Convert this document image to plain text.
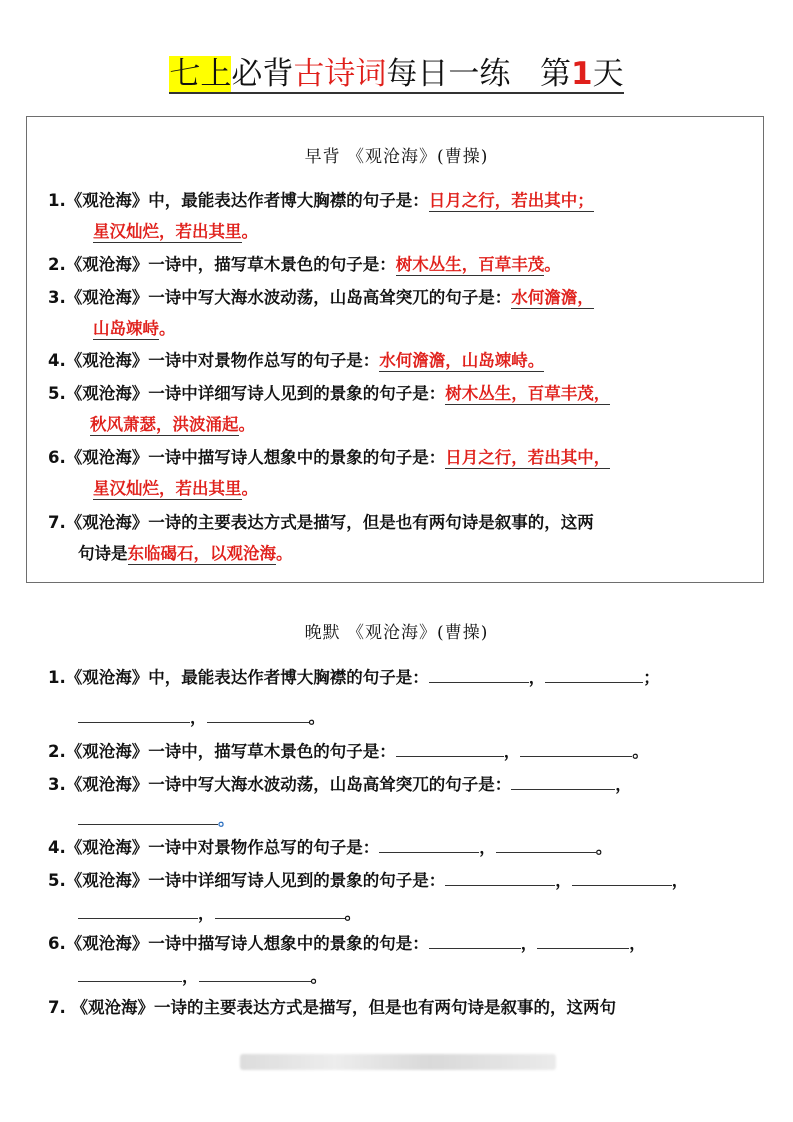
七上必背古诗词每日一练 第1天
早背 《观沧海》(曹操)
1.《观沧海》中，最能表达作者博大胸襟的句子是：日月之行，若出其中；
星汉灿烂，若出其里。
2.《观沧海》一诗中，描写草木景色的句子是：树木丛生，百草丰茂。
3.《观沧海》一诗中写大海水波动荡，山岛高耸突兀的句子是：水何澹澹，
山岛竦峙。
4.《观沧海》一诗中对景物作总写的句子是：水何澹澹，山岛竦峙。
5.《观沧海》一诗中详细写诗人见到的景象的句子是：树木丛生，百草丰茂，
秋风萧瑟，洪波涌起。
6.《观沧海》一诗中描写诗人想象中的景象的句子是：日月之行，若出其中，
星汉灿烂，若出其里。
7.《观沧海》一诗的主要表达方式是描写，但是也有两句诗是叙事的，这两
句诗是东临碣石，以观沧海。
晚默 《观沧海》(曹操)
1.《观沧海》中，最能表达作者博大胸襟的句子是：	，	；
，	。
2.《观沧海》一诗中，描写草木景色的句子是：	，	。
3.《观沧海》一诗中写大海水波动荡，山岛高耸突兀的句子是：	，
。
4.《观沧海》一诗中对景物作总写的句子是：	，	。
5.《观沧海》一诗中详细写诗人见到的景象的句子是：	，	，
，	。
6.《观沧海》一诗中描写诗人想象中的景象的句是：	，	，
，	。
7. 《观沧海》一诗的主要表达方式是描写，但是也有两句诗是叙事的，这两句
